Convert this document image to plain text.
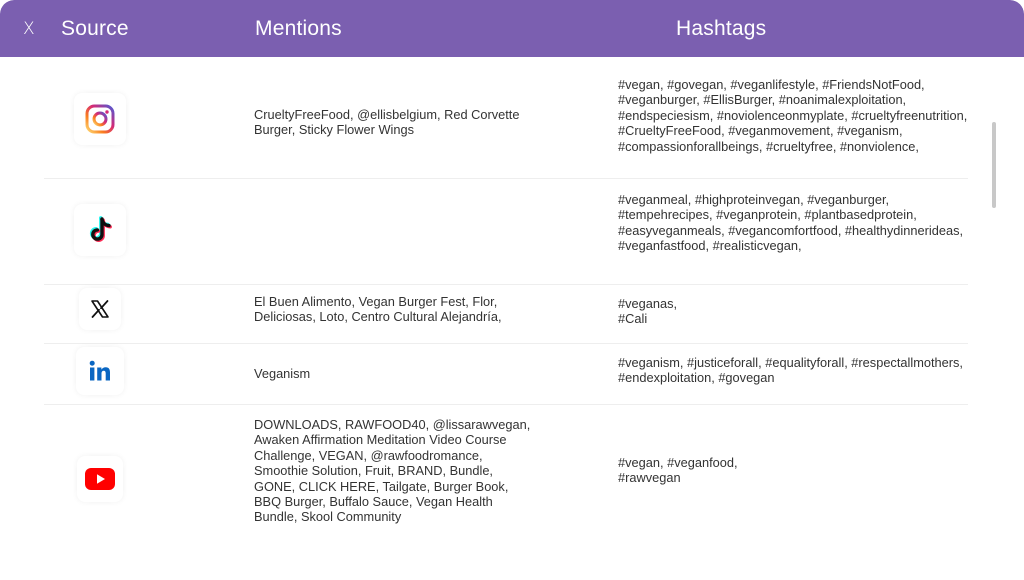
X Source	Mentions	Hashtags
CrueltyFreeFood, @ellisbelgium, Red Corvette Burger, Sticky Flower Wings
#vegan, #govegan, #veganlifestyle, #FriendsNotFood, #veganburger, #EllisBurger, #noanimalexploitation, #endspeciesism, #noviolenceonmyplate, #crueltyfreenutrition, #CrueltyFreeFood, #veganmovement, #veganism, #compassionforallbeings, #crueltyfree, #nonviolence,
#veganmeal, #highproteinvegan, #veganburger, #tempehrecipes, #veganprotein, #plantbasedprotein, #easyveganmeals, #vegancomfortfood, #healthydinnerideas, #veganfastfood, #realisticvegan,
El Buen Alimento, Vegan Burger Fest, Flor, Deliciosas, Loto, Centro Cultural Alejandría,
#veganas,
#Cali
Veganism
#veganism, #justiceforall, #equalityforall, #respectallmothers, #endexploitation, #govegan
DOWNLOADS, RAWFOOD40, @lissarawvegan, Awaken Affirmation Meditation Video Course Challenge, VEGAN, @rawfoodromance, Smoothie Solution, Fruit, BRAND, Bundle, GONE, CLICK HERE, Tailgate, Burger Book, BBQ Burger, Buffalo Sauce, Vegan Health Bundle, Skool Community
#vegan, #veganfood,
#rawvegan
